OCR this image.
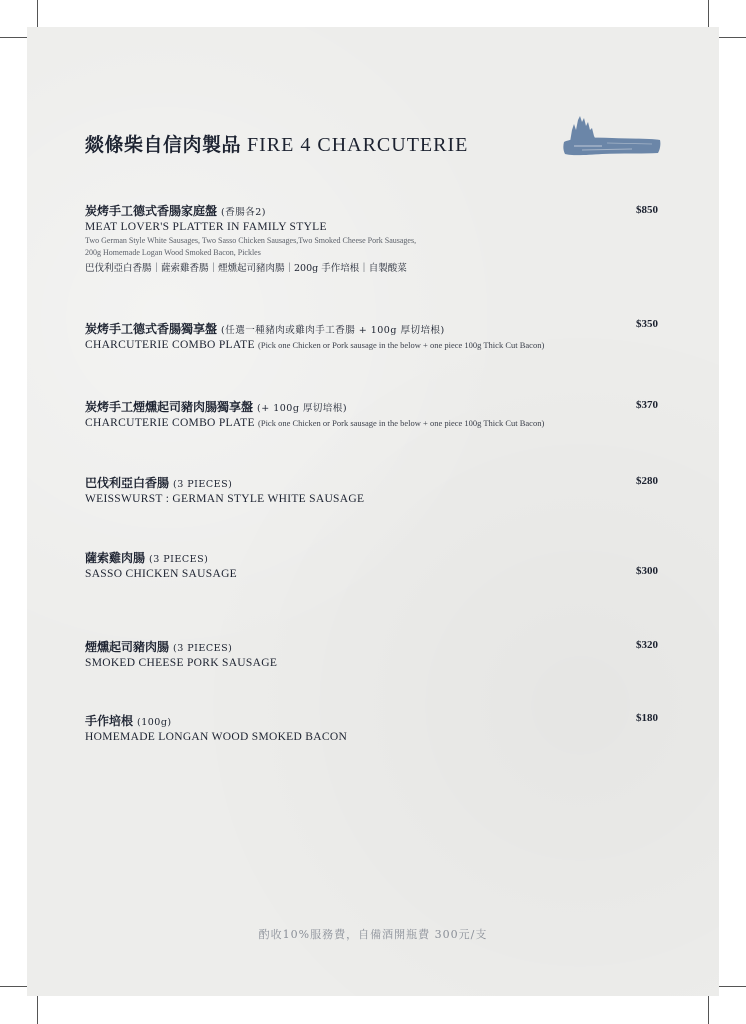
燚條柴自信肉製品 FIRE 4 CHARCUTERIE
炭烤手工德式香腸家庭盤 (香腸各2)
MEAT LOVER'S PLATTER IN FAMILY STYLE
Two German Style White Sausages, Two Sasso Chicken Sausages,Two Smoked Cheese Pork Sausages,
200g Homemade Logan Wood Smoked Bacon, Pickles
巴伐利亞白香腸｜薩索雞香腸｜煙燻起司豬肉腸｜200g 手作培根｜自製酸菜
$850
炭烤手工德式香腸獨享盤 (任選一種豬肉或雞肉手工香腸 + 100g 厚切培根)
CHARCUTERIE COMBO PLATE (Pick one Chicken or Pork sausage in the below + one piece 100g Thick Cut Bacon)
$350
炭烤手工煙燻起司豬肉腸獨享盤 (+ 100g 厚切培根)
CHARCUTERIE COMBO PLATE (Pick one Chicken or Pork sausage in the below + one piece 100g Thick Cut Bacon)
$370
巴伐利亞白香腸 (3 PIECES)
WEISSWURST : GERMAN STYLE WHITE SAUSAGE
$280
薩索雞肉腸 (3 PIECES)
SASSO CHICKEN SAUSAGE	$300
煙燻起司豬肉腸 (3 PIECES)
SMOKED CHEESE PORK SAUSAGE
$320
手作培根 (100g)
HOMEMADE LONGAN WOOD SMOKED BACON
$180
酌收10%服務費，自備酒開瓶費 300元/支
